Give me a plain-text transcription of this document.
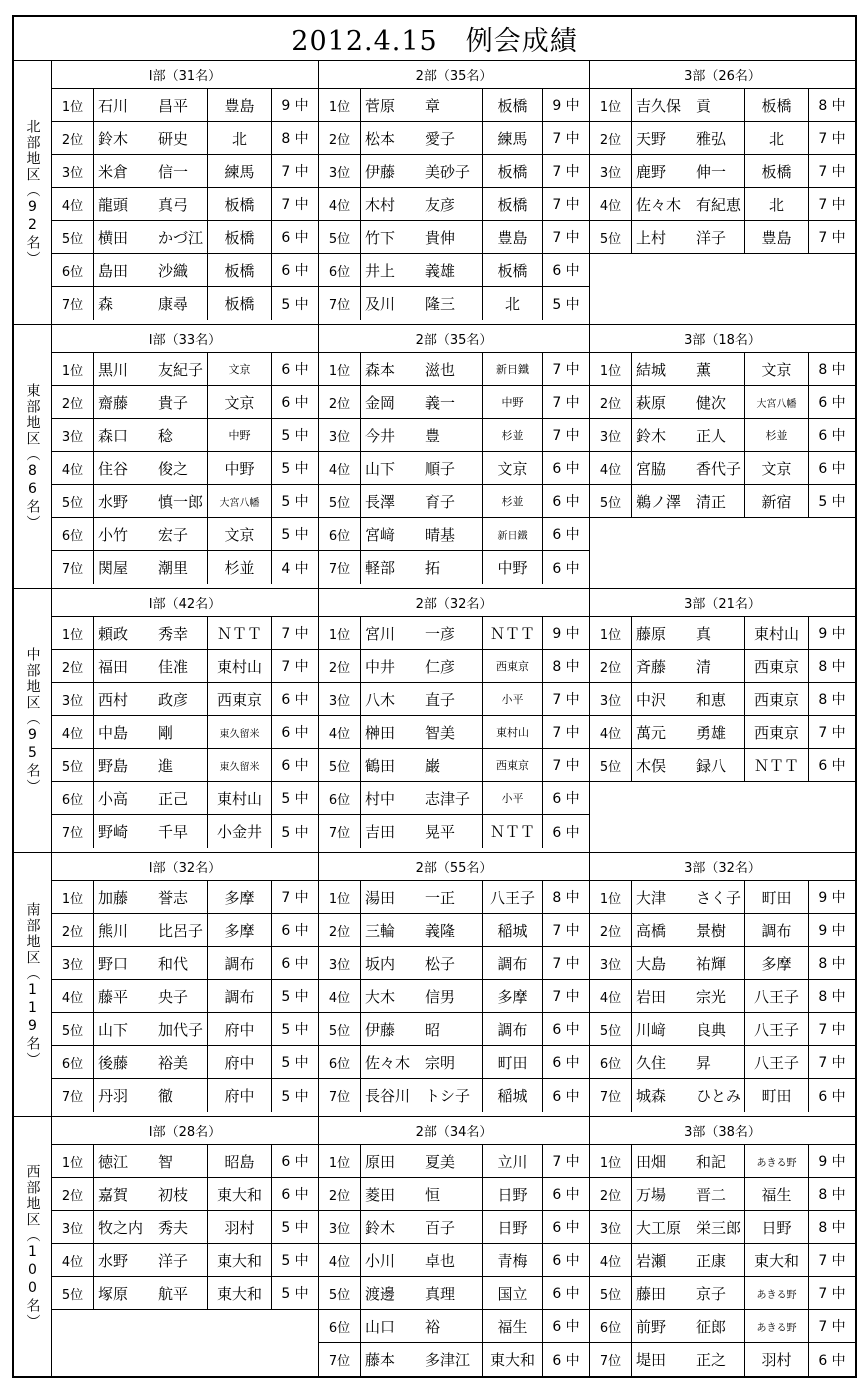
2012.4.15　例会成績
北部地区（92名）
Ⅰ部（31名）
1位 石川　　昌平	豊島	9 中
2位 鈴木　　研史	北	8 中
3位 米倉　　信一	練馬	7 中
4位 龍頭　　真弓	板橋	7 中
5位 横田　　かづ江	板橋	6 中
6位 島田　　沙織	板橋	6 中
7位 森　　　康尋	板橋	5 中
2部（35名）
1位 菅原　　章	板橋	9 中
2位 松本　　愛子	練馬	7 中
3位 伊藤　　美砂子	板橋	7 中
4位 木村　　友彦	板橋	7 中
5位 竹下　　貴伸	豊島	7 中
6位 井上　　義雄	板橋	6 中
7位 及川　　隆三	北	5 中
3部（26名）
1位 吉久保　貢	板橋	8 中
2位 天野　　雅弘	北	7 中
3位 鹿野　　伸一	板橋	7 中
4位 佐々木　有紀恵	北	7 中
5位 上村　　洋子	豊島	7 中
東部地区（86名）
Ⅰ部（33名）
1位 黒川　　友紀子	文京	6 中
2位 齋藤　　貴子	文京	6 中
3位 森口　　稔	中野	5 中
4位 住谷　　俊之	中野	5 中
5位 水野　　慎一郎	大宮八幡	5 中
6位 小竹　　宏子	文京	5 中
7位 関屋　　潮里	杉並	4 中
2部（35名）
1位 森本　　滋也	新日鐵	7 中
2位 金岡　　義一	中野	7 中
3位 今井　　豊	杉並	7 中
4位 山下　　順子	文京	6 中
5位 長澤　　育子	杉並	6 中
6位 宮﨑　　晴基	新日鐵	6 中
7位 軽部　　拓	中野	6 中
3部（18名）
1位 結城　　薫	文京	8 中
2位 萩原　　健次	大宮八幡	6 中
3位 鈴木　　正人	杉並	6 中
4位 宮脇　　香代子	文京	6 中
5位 鵜ノ澤　清正	新宿	5 中
中部地区（95名）
Ⅰ部（42名）
1位 頼政　　秀幸	ＮＴＴ	7 中
2位 福田　　佳准	東村山	7 中
3位 西村　　政彦	西東京	6 中
4位 中島　　剛	東久留米	6 中
5位 野島　　進	東久留米	6 中
6位 小高　　正己	東村山	5 中
7位 野崎　　千早	小金井	5 中
2部（32名）
1位 宮川　　一彦	ＮＴＴ	9 中
2位 中井　　仁彦	西東京	8 中
3位 八木　　直子	小平	7 中
4位 榊田　　智美	東村山	7 中
5位 鶴田　　巌	西東京	7 中
6位 村中　　志津子	小平	6 中
7位 吉田　　晃平	ＮＴＴ	6 中
3部（21名）
1位 藤原　　真	東村山	9 中
2位 斉藤　　清	西東京	8 中
3位 中沢　　和恵	西東京	8 中
4位 萬元　　勇雄	西東京	7 中
5位 木俣　　録八	ＮＴＴ	6 中
南部地区（119名）
Ⅰ部（32名）
1位 加藤　　誉志	多摩	7 中
2位 熊川　　比呂子	多摩	6 中
3位 野口　　和代	調布	6 中
4位 藤平　　央子	調布	5 中
5位 山下　　加代子	府中	5 中
6位 後藤　　裕美	府中	5 中
7位 丹羽　　徹	府中	5 中
2部（55名）
1位 湯田　　一正	八王子	8 中
2位 三輪　　義隆	稲城	7 中
3位 坂内　　松子	調布	7 中
4位 大木　　信男	多摩	7 中
5位 伊藤　　昭	調布	6 中
6位 佐々木　宗明	町田	6 中
7位 長谷川　トシ子	稲城	6 中
3部（32名）
1位 大津　　さく子	町田	9 中
2位 高橋　　景樹	調布	9 中
3位 大島　　祐輝	多摩	8 中
4位 岩田　　宗光	八王子	8 中
5位 川﨑　　良典	八王子	7 中
6位 久住　　昇	八王子	7 中
7位 城森　　ひとみ	町田	6 中
西部地区（100名）
Ⅰ部（28名）
1位 徳江　　智	昭島	6 中
2位 嘉賀　　初枝	東大和	6 中
3位 牧之内　秀夫	羽村	5 中
4位 水野　　洋子	東大和	5 中
5位 塚原　　航平	東大和	5 中
2部（34名）
1位 原田　　夏美	立川	7 中
2位 菱田　　恒	日野	6 中
3位 鈴木　　百子	日野	6 中
4位 小川　　卓也	青梅	6 中
5位 渡邊　　真理	国立	6 中
6位 山口　　裕	福生	6 中
7位 藤本　　多津江	東大和	6 中
3部（38名）
1位 田畑　　和記	あきる野	9 中
2位 万場　　晋二	福生	8 中
3位 大工原　栄三郎	日野	8 中
4位 岩瀬　　正康	東大和	7 中
5位 藤田　　京子	あきる野	7 中
6位 前野　　征郎	あきる野	7 中
7位 堤田　　正之	羽村	6 中
